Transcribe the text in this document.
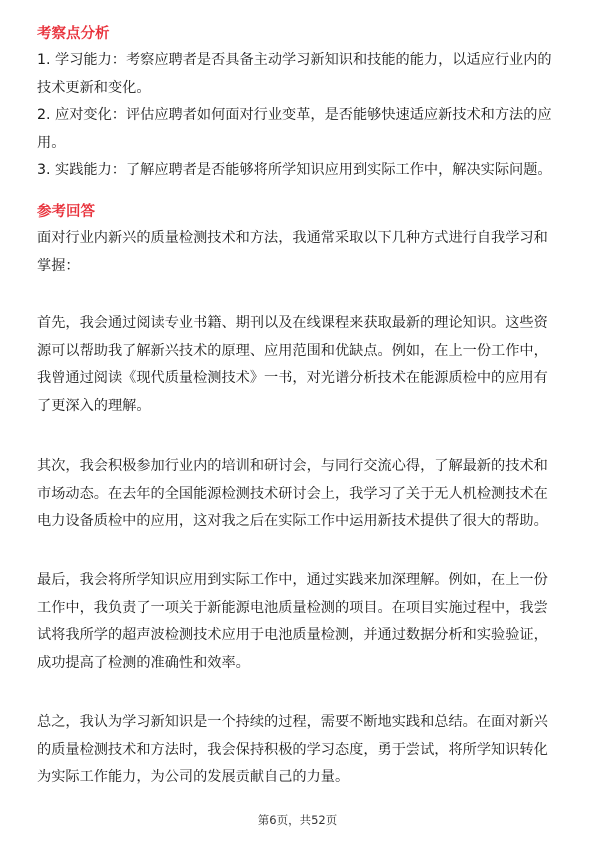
考察点分析

1. 学习能力：考察应聘者是否具备主动学习新知识和技能的能力，以适应行业内的技术更新和变化。

2. 应对变化：评估应聘者如何面对行业变革，是否能够快速适应新技术和方法的应用。

3. 实践能力：了解应聘者是否能够将所学知识应用到实际工作中，解决实际问题。

参考回答

面对行业内新兴的质量检测技术和方法，我通常采取以下几种方式进行自我学习和掌握：

首先，我会通过阅读专业书籍、期刊以及在线课程来获取最新的理论知识。这些资源可以帮助我了解新兴技术的原理、应用范围和优缺点。例如，在上一份工作中，我曾通过阅读《现代质量检测技术》一书，对光谱分析技术在能源质检中的应用有了更深入的理解。

其次，我会积极参加行业内的培训和研讨会，与同行交流心得，了解最新的技术和市场动态。在去年的全国能源检测技术研讨会上，我学习了关于无人机检测技术在电力设备质检中的应用，这对我之后在实际工作中运用新技术提供了很大的帮助。

最后，我会将所学知识应用到实际工作中，通过实践来加深理解。例如，在上一份工作中，我负责了一项关于新能源电池质量检测的项目。在项目实施过程中，我尝试将我所学的超声波检测技术应用于电池质量检测，并通过数据分析和实验验证，成功提高了检测的准确性和效率。

总之，我认为学习新知识是一个持续的过程，需要不断地实践和总结。在面对新兴的质量检测技术和方法时，我会保持积极的学习态度，勇于尝试，将所学知识转化为实际工作能力，为公司的发展贡献自己的力量。

第6页，共52页
